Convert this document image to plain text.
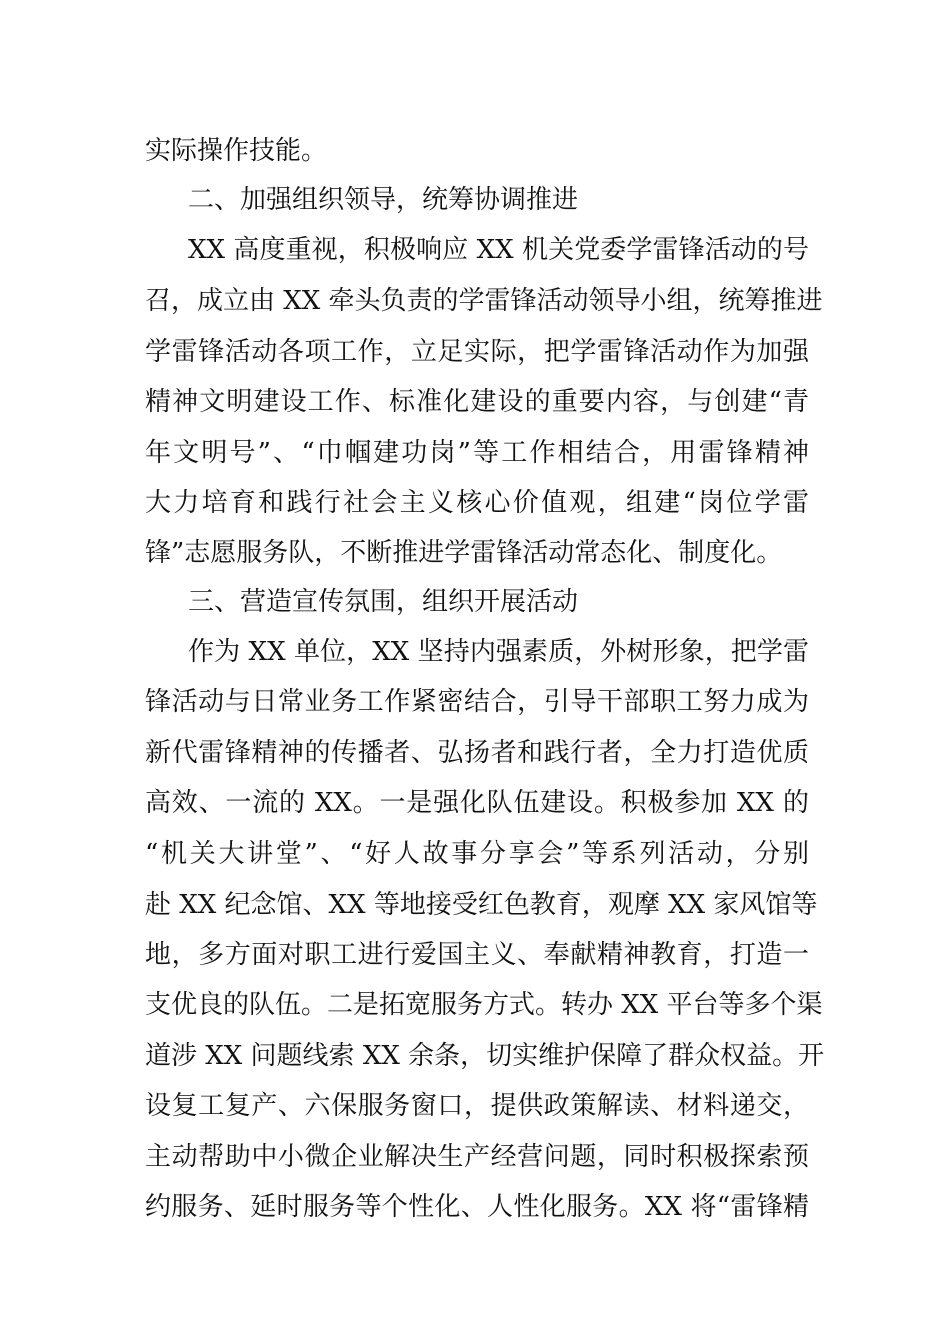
实际操作技能。

二、加强组织领导，统筹协调推进

XX 高度重视，积极响应 XX 机关党委学雷锋活动的号

召，成立由 XX 牵头负责的学雷锋活动领导小组，统筹推进

学雷锋活动各项工作，立足实际，把学雷锋活动作为加强

精神文明建设工作、标准化建设的重要内容，与创建“青

年文明号”、“巾帼建功岗”等工作相结合，用雷锋精神

大力培育和践行社会主义核心价值观，组建“岗位学雷

锋”志愿服务队，不断推进学雷锋活动常态化、制度化。

三、营造宣传氛围，组织开展活动

作为 XX 单位，XX 坚持内强素质，外树形象，把学雷

锋活动与日常业务工作紧密结合，引导干部职工努力成为

新代雷锋精神的传播者、弘扬者和践行者，全力打造优质

高效、一流的 XX。一是强化队伍建设。积极参加 XX 的

“机关大讲堂”、“好人故事分享会”等系列活动，分别

赴 XX 纪念馆、XX 等地接受红色教育，观摩 XX 家风馆等

地，多方面对职工进行爱国主义、奉献精神教育，打造一

支优良的队伍。二是拓宽服务方式。转办 XX 平台等多个渠

道涉 XX 问题线索 XX 余条，切实维护保障了群众权益。开

设复工复产、六保服务窗口，提供政策解读、材料递交，

主动帮助中小微企业解决生产经营问题，同时积极探索预

约服务、延时服务等个性化、人性化服务。XX 将“雷锋精
